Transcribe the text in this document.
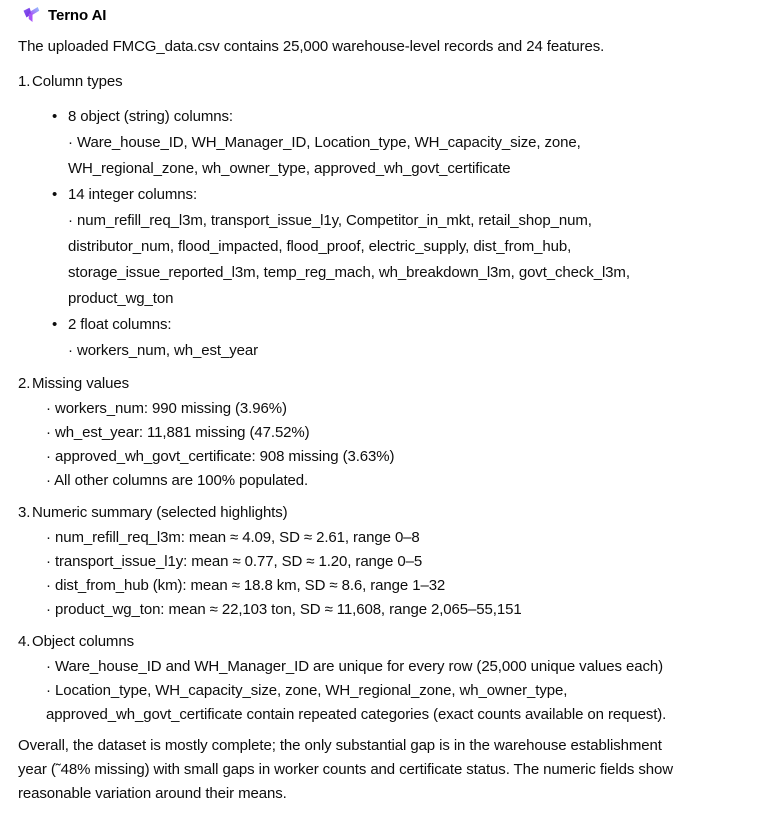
Terno AI

The uploaded FMCG_data.csv contains 25,000 warehouse-level records and 24 features.

1. Column types
• 8 object (string) columns:
· Ware_house_ID, WH_Manager_ID, Location_type, WH_capacity_size, zone,
WH_regional_zone, wh_owner_type, approved_wh_govt_certificate
• 14 integer columns:
· num_refill_req_l3m, transport_issue_l1y, Competitor_in_mkt, retail_shop_num,
distributor_num, flood_impacted, flood_proof, electric_supply, dist_from_hub,
storage_issue_reported_l3m, temp_reg_mach, wh_breakdown_l3m, govt_check_l3m,
product_wg_ton
• 2 float columns:
· workers_num, wh_est_year
2. Missing values
· workers_num: 990 missing (3.96%)
· wh_est_year: 11,881 missing (47.52%)
· approved_wh_govt_certificate: 908 missing (3.63%)
· All other columns are 100% populated.
3. Numeric summary (selected highlights)
· num_refill_req_l3m: mean ≈ 4.09, SD ≈ 2.61, range 0–8
· transport_issue_l1y: mean ≈ 0.77, SD ≈ 1.20, range 0–5
· dist_from_hub (km): mean ≈ 18.8 km, SD ≈ 8.6, range 1–32
· product_wg_ton: mean ≈ 22,103 ton, SD ≈ 11,608, range 2,065–55,151
4. Object columns
· Ware_house_ID and WH_Manager_ID are unique for every row (25,000 unique values each)
· Location_type, WH_capacity_size, zone, WH_regional_zone, wh_owner_type,
approved_wh_govt_certificate contain repeated categories (exact counts available on request).
Overall, the dataset is mostly complete; the only substantial gap is in the warehouse establishment
year (˜48% missing) with small gaps in worker counts and certificate status. The numeric fields show
reasonable variation around their means.
